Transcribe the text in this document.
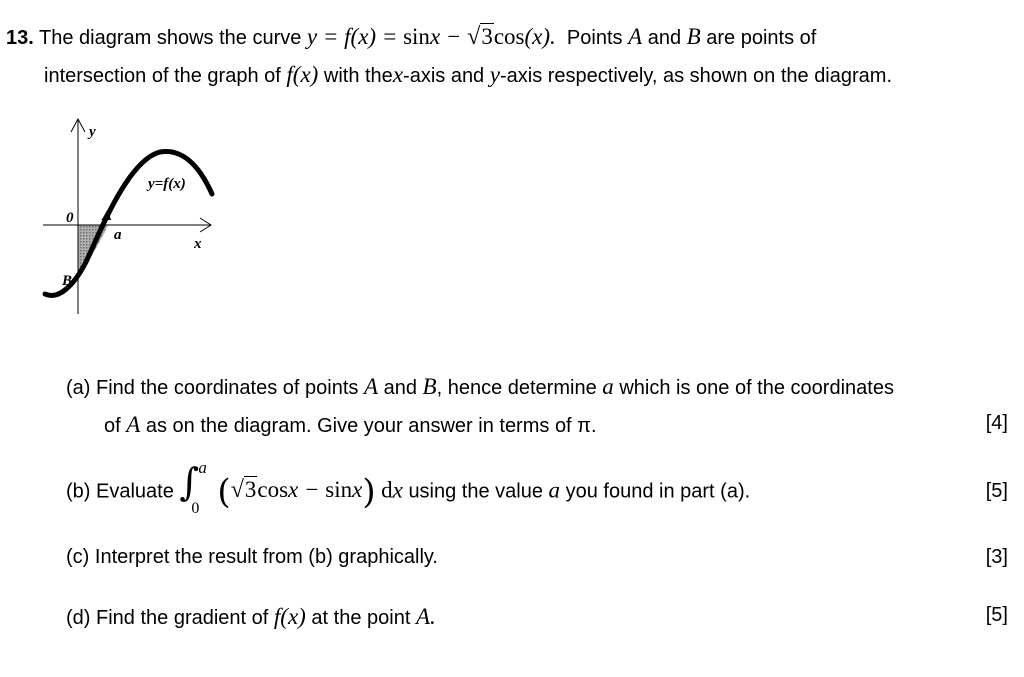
13. The diagram shows the curve y = f(x) = sinx − √3cos(x). Points A and B are points of
intersection of the graph of f(x) with thex-axis and y-axis respectively, as shown on the diagram.
y
x
0 A
a
B
y=f(x)
(a) Find the coordinates of points A and B, hence determine a which is one of the coordinates
of A as on the diagram. Give your answer in terms of π.	[4]
(b) Evaluate ∫ a
0 (√3cosx − sinx) dx using the value a you found in part (a).	[5]
(c) Interpret the result from (b) graphically.	[3]
(d) Find the gradient of f(x) at the point A.	[5]
